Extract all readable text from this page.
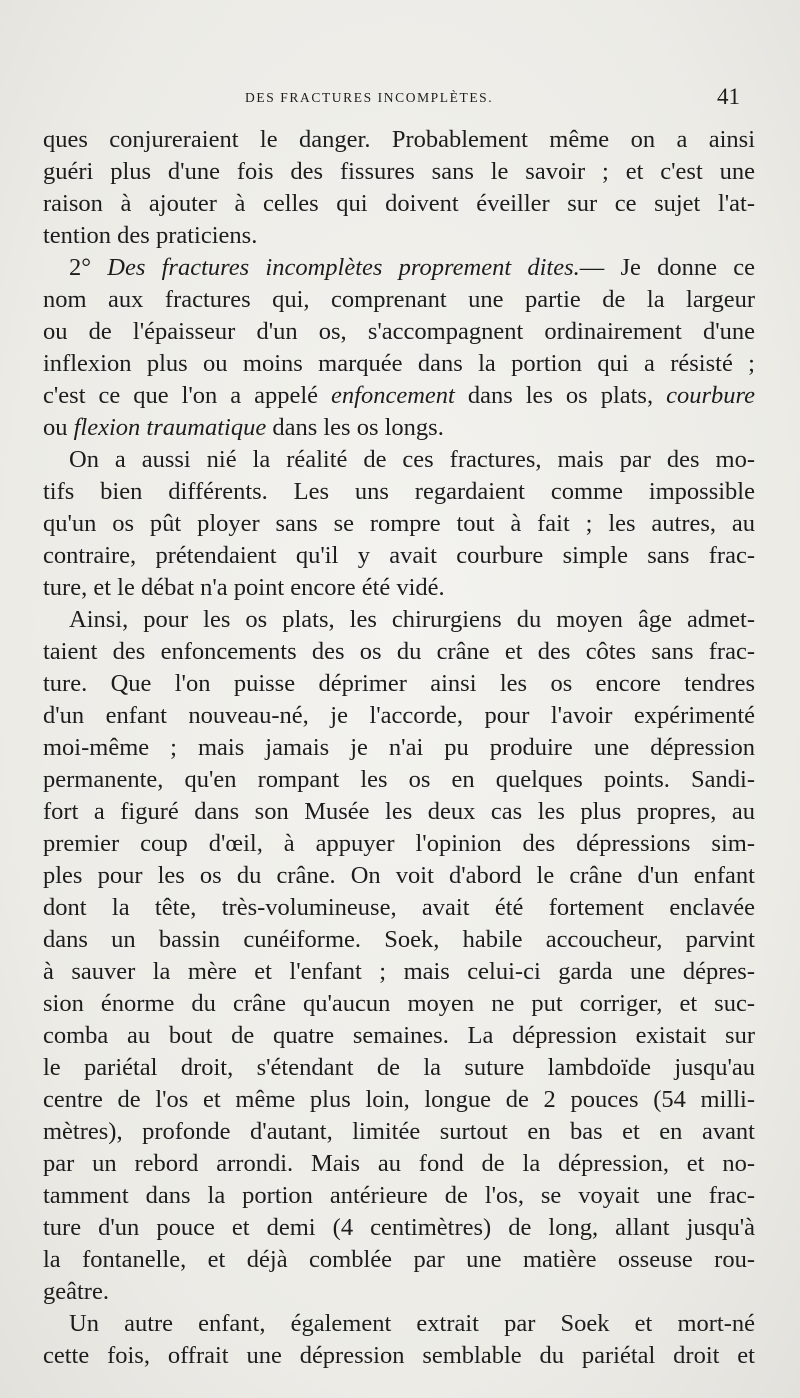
DES FRACTURES INCOMPLÈTES.	41
ques conjureraient le danger. Probablement même on a ainsi
guéri plus d'une fois des fissures sans le savoir ; et c'est une
raison à ajouter à celles qui doivent éveiller sur ce sujet l'at-
tention des praticiens.
2° Des fractures incomplètes proprement dites.— Je donne ce
nom aux fractures qui, comprenant une partie de la largeur
ou de l'épaisseur d'un os, s'accompagnent ordinairement d'une
inflexion plus ou moins marquée dans la portion qui a résisté ;
c'est ce que l'on a appelé enfoncement dans les os plats, courbure
ou flexion traumatique dans les os longs.
On a aussi nié la réalité de ces fractures, mais par des mo-
tifs bien différents. Les uns regardaient comme impossible
qu'un os pût ployer sans se rompre tout à fait ; les autres, au
contraire, prétendaient qu'il y avait courbure simple sans frac-
ture, et le débat n'a point encore été vidé.
Ainsi, pour les os plats, les chirurgiens du moyen âge admet-
taient des enfoncements des os du crâne et des côtes sans frac-
ture. Que l'on puisse déprimer ainsi les os encore tendres
d'un enfant nouveau-né, je l'accorde, pour l'avoir expérimenté
moi-même ; mais jamais je n'ai pu produire une dépression
permanente, qu'en rompant les os en quelques points. Sandi-
fort a figuré dans son Musée les deux cas les plus propres, au
premier coup d'œil, à appuyer l'opinion des dépressions sim-
ples pour les os du crâne. On voit d'abord le crâne d'un enfant
dont la tête, très-volumineuse, avait été fortement enclavée
dans un bassin cunéiforme. Soek, habile accoucheur, parvint
à sauver la mère et l'enfant ; mais celui-ci garda une dépres-
sion énorme du crâne qu'aucun moyen ne put corriger, et suc-
comba au bout de quatre semaines. La dépression existait sur
le pariétal droit, s'étendant de la suture lambdoïde jusqu'au
centre de l'os et même plus loin, longue de 2 pouces (54 milli-
mètres), profonde d'autant, limitée surtout en bas et en avant
par un rebord arrondi. Mais au fond de la dépression, et no-
tamment dans la portion antérieure de l'os, se voyait une frac-
ture d'un pouce et demi (4 centimètres) de long, allant jusqu'à
la fontanelle, et déjà comblée par une matière osseuse rou-
geâtre.
Un autre enfant, également extrait par Soek et mort-né
cette fois, offrait une dépression semblable du pariétal droit et
